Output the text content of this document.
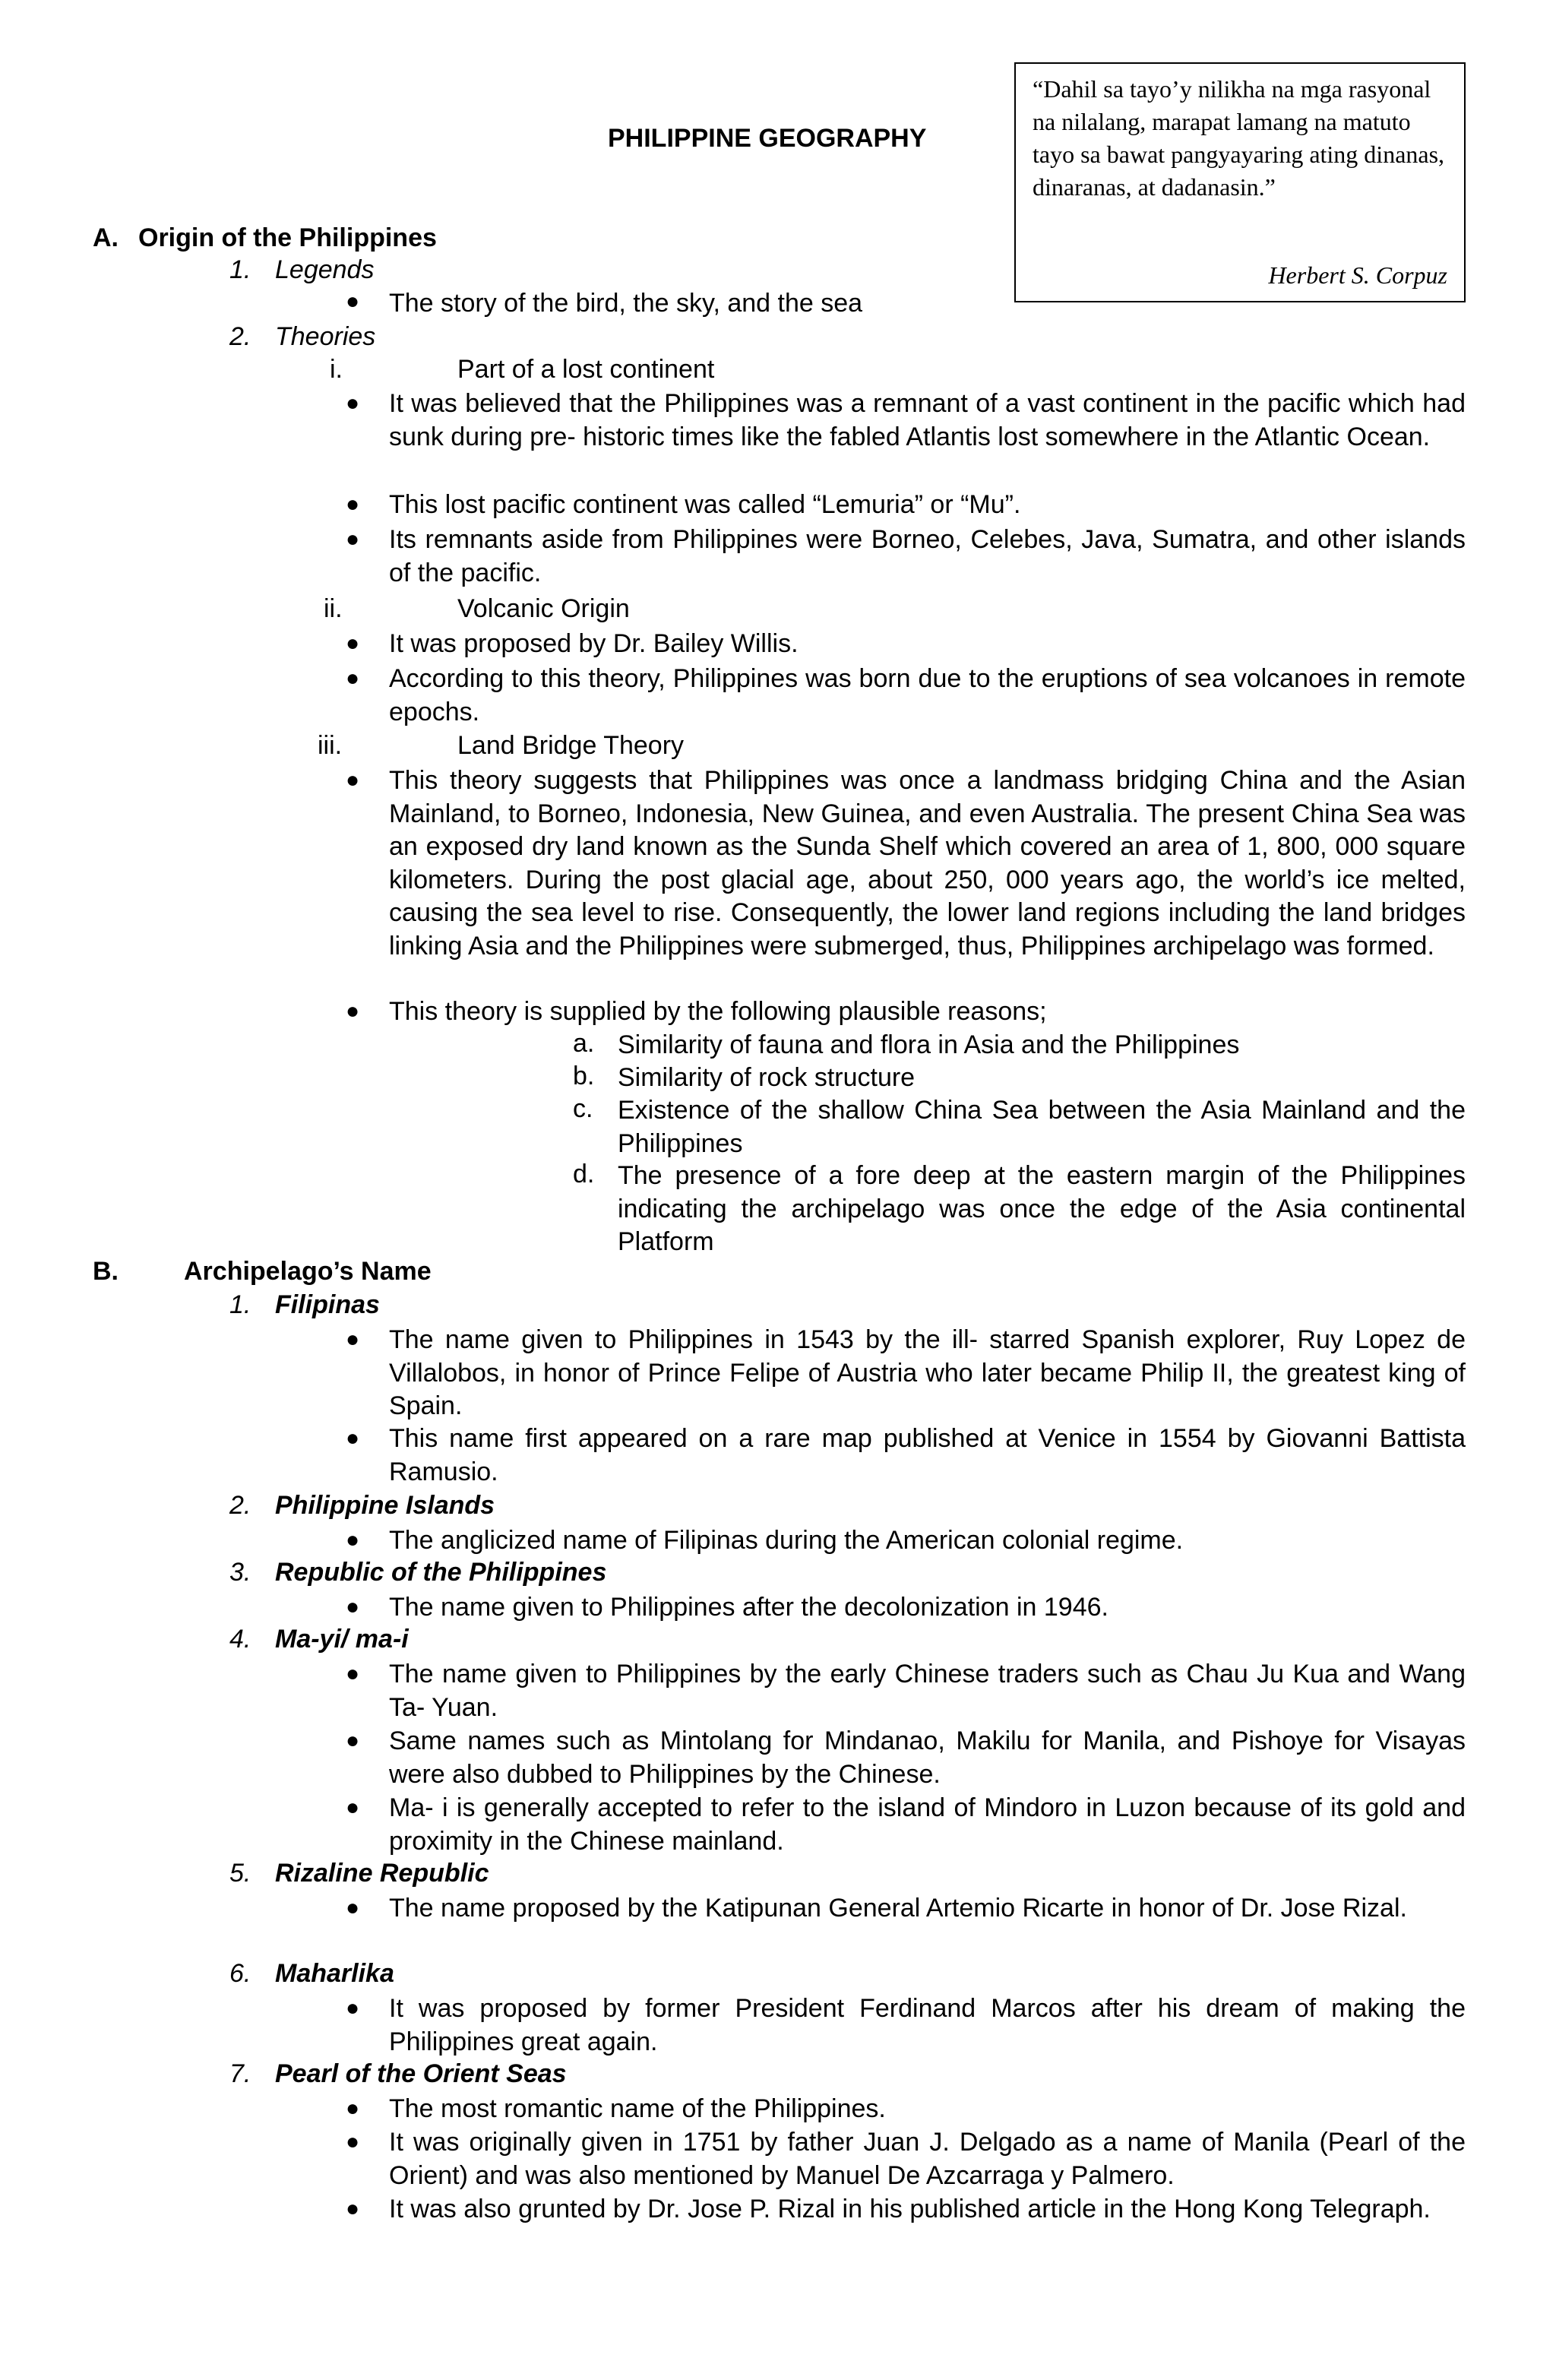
“Dahil sa tayo’y nilikha na mga rasyonal na nilalang, marapat lamang na matuto tayo sa bawat pangyayaring ating dinanas, dinaranas, at dadanasin.”
Herbert S. Corpuz
PHILIPPINE GEOGRAPHY
A. Origin of the Philippines
1. Legends
● The story of the bird, the sky, and the sea
2. Theories
i.	Part of a lost continent
● It was believed that the Philippines was a remnant of a vast continent in the pacific which had sunk during pre- historic times like the fabled Atlantis lost somewhere in the Atlantic Ocean.
● This lost pacific continent was called “Lemuria” or “Mu”.
● Its remnants aside from Philippines were Borneo, Celebes, Java, Sumatra, and other islands of the pacific.
ii.	Volcanic Origin
● It was proposed by Dr. Bailey Willis.
● According to this theory, Philippines was born due to the eruptions of sea volcanoes in remote epochs.
iii.	Land Bridge Theory
● This theory suggests that Philippines was once a landmass bridging China and the Asian Mainland, to Borneo, Indonesia, New Guinea, and even Australia. The present China Sea was an exposed dry land known as the Sunda Shelf which covered an area of 1, 800, 000 square kilometers. During the post glacial age, about 250, 000 years ago, the world’s ice melted, causing the sea level to rise. Consequently, the lower land regions including the land bridges linking Asia and the Philippines were submerged, thus, Philippines archipelago was formed.
● This theory is supplied by the following plausible reasons;
a. Similarity of fauna and flora in Asia and the Philippines
b. Similarity of rock structure
c. Existence of the shallow China Sea between the Asia Mainland and the Philippines
d. The presence of a fore deep at the eastern margin of the Philippines indicating the archipelago was once the edge of the Asia continental Platform
B.	Archipelago’s Name
1. Filipinas
● The name given to Philippines in 1543 by the ill- starred Spanish explorer, Ruy Lopez de Villalobos, in honor of Prince Felipe of Austria who later became Philip II, the greatest king of Spain.
● This name first appeared on a rare map published at Venice in 1554 by Giovanni Battista Ramusio.
2. Philippine Islands
● The anglicized name of Filipinas during the American colonial regime.
3. Republic of the Philippines
● The name given to Philippines after the decolonization in 1946.
4. Ma-yi/ ma-i
● The name given to Philippines by the early Chinese traders such as Chau Ju Kua and Wang Ta- Yuan.
● Same names such as Mintolang for Mindanao, Makilu for Manila, and Pishoye for Visayas were also dubbed to Philippines by the Chinese.
● Ma- i is generally accepted to refer to the island of Mindoro in Luzon because of its gold and proximity in the Chinese mainland.
5. Rizaline Republic
● The name proposed by the Katipunan General Artemio Ricarte in honor of Dr. Jose Rizal.
6. Maharlika
● It was proposed by former President Ferdinand Marcos after his dream of making the Philippines great again.
7. Pearl of the Orient Seas
● The most romantic name of the Philippines.
● It was originally given in 1751 by father Juan J. Delgado as a name of Manila (Pearl of the Orient) and was also mentioned by Manuel De Azcarraga y Palmero.
● It was also grunted by Dr. Jose P. Rizal in his published article in the Hong Kong Telegraph.
